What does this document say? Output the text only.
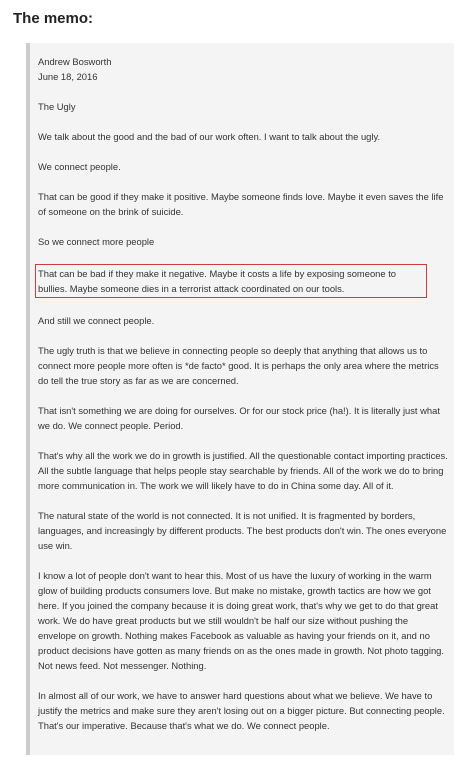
The memo:

Andrew Bosworth

June 18, 2016

The Ugly

We talk about the good and the bad of our work often. I want to talk about the ugly.

We connect people.

That can be good if they make it positive. Maybe someone finds love. Maybe it even saves the life of someone on the brink of suicide.

So we connect more people

That can be bad if they make it negative. Maybe it costs a life by exposing someone to bullies. Maybe someone dies in a terrorist attack coordinated on our tools.

And still we connect people.

The ugly truth is that we believe in connecting people so deeply that anything that allows us to connect more people more often is *de facto* good. It is perhaps the only area where the metrics do tell the true story as far as we are concerned.

That isn't something we are doing for ourselves. Or for our stock price (ha!). It is literally just what we do. We connect people. Period.

That's why all the work we do in growth is justified. All the questionable contact importing practices. All the subtle language that helps people stay searchable by friends. All of the work we do to bring more communication in. The work we will likely have to do in China some day. All of it.

The natural state of the world is not connected. It is not unified. It is fragmented by borders, languages, and increasingly by different products. The best products don't win. The ones everyone use win.

I know a lot of people don't want to hear this. Most of us have the luxury of working in the warm glow of building products consumers love. But make no mistake, growth tactics are how we got here. If you joined the company because it is doing great work, that's why we get to do that great work. We do have great products but we still wouldn't be half our size without pushing the envelope on growth. Nothing makes Facebook as valuable as having your friends on it, and no product decisions have gotten as many friends on as the ones made in growth. Not photo tagging. Not news feed. Not messenger. Nothing.

In almost all of our work, we have to answer hard questions about what we believe. We have to justify the metrics and make sure they aren't losing out on a bigger picture. But connecting people. That's our imperative. Because that's what we do. We connect people.
